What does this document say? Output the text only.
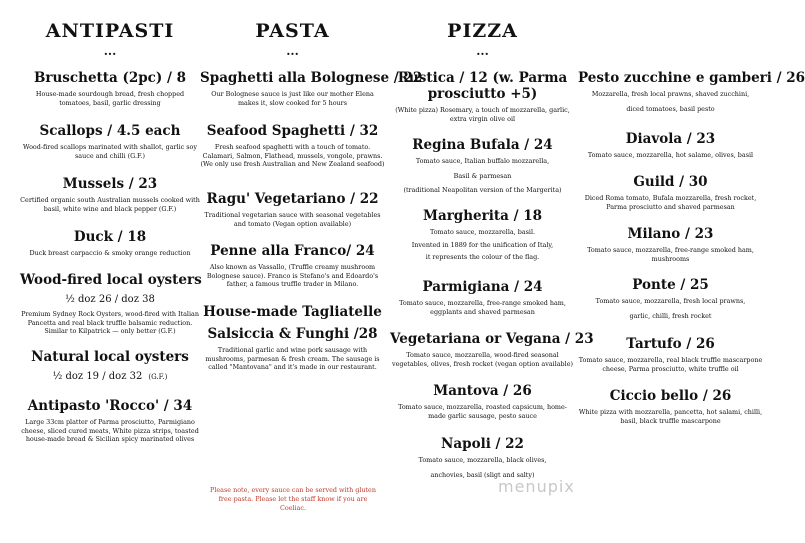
ANTIPASTI
...
Bruschetta (2pc) / 8
House-made sourdough bread, fresh chopped tomatoes, basil, garlic dressing
Scallops / 4.5 each
Wood-fired scallops marinated with shallot, garlic soy sauce and chilli (G.F.)
Mussels / 23
Certified organic south Australian mussels cooked with basil, white wine and black pepper (G.F.)
Duck / 18
Duck breast carpaccio & smoky orange reduction
Wood-fired local oysters
½ doz 26 / doz 38
Premium Sydney Rock Oysters, wood-fired with Italian Pancetta and real black truffle balsamic reduction. Similar to Kilpatrick — only better (G.F.)
Natural local oysters
½ doz 19 / doz 32 (G.F.)
Antipasto 'Rocco' / 34
Large 33cm platter of Parma prosciutto, Parmigiano cheese, sliced cured meats, White pizza strips, toasted house-made bread & Sicilian spicy marinated olives
PASTA
...
Spaghetti alla Bolognese / 22
Our Bolognese sauce is just like our mother Elena makes it, slow cooked for 5 hours
Seafood Spaghetti / 32
Fresh seafood spaghetti with a touch of tomato. Calamari, Salmon, Flathead, mussels, vongole, prawns. (We only use fresh Australian and New Zealand seafood)
Ragu' Vegetariano / 22
Traditional vegetarian sauce with seasonal vegetables and tomato (Vegan option available)
Penne alla Franco/ 24
Also known as Vassallo, (Truffle creamy mushroom Bolognese sauce). Franco is Stefano's and Edoardo's father, a famous truffle trader in Milano.
House-made Tagliatelle
Salsiccia & Funghi /28
Traditional garlic and wine pork sausage with mushrooms, parmesan & fresh cream. The sausage is called "Mantovana" and it's made in our restaurant.
Please note, every sauce can be served with gluten free pasta. Please let the staff know if you are Coeliac.
PIZZA
...
Rustica / 12 (w. Parma
prosciutto +5)
(White pizza) Rosemary, a touch of mozzarella, garlic, extra virgin olive oil
Regina Bufala / 24

Tomato sauce, Italian buffalo mozzarella,

Basil & parmesan

(traditional Neapolitan version of the Margerita)

Margherita / 18

Tomato sauce, mozzarella, basil.

Invented in 1889 for the unification of Italy,

it represents the colour of the flag.

Parmigiana / 24
Tomato sauce, mozzarella, free-range smoked ham, eggplants and shaved parmesan
Vegetariana or Vegana / 23
Tomato sauce, mozzarella, wood-fired seasonal vegetables, olives, fresh rocket (vegan option available)
Mantova / 26
Tomato sauce, mozzarella, roasted capsicum, home-made garlic sausage, pesto sauce
Napoli / 22

Tomato sauce, mozzarella, black olives,

anchovies, basil (sligt and salty)

Pesto zucchine e gamberi / 26

Mozzarella, fresh local prawns, shaved zucchini,

diced tomatoes, basil pesto

Diavola / 23
Tomato sauce, mozzarella, hot salame, olives, basil
Guild / 30
Diced Roma tomato, Bufala mozzarella, fresh rocket, Parma prosciutto and shaved parmesan
Milano / 23
Tomato sauce, mozzarella, free-range smoked ham, mushrooms
Ponte / 25

Tomato sauce, mozzarella, fresh local prawns,

garlic, chilli, fresh rocket

Tartufo / 26
Tomato sauce, mozzarella, real black truffle mascarpone cheese, Parma prosciutto, white truffle oil
Ciccio bello / 26
White pizza with mozzarella, pancetta, hot salami, chilli, basil, black truffle mascarpone
menupix
